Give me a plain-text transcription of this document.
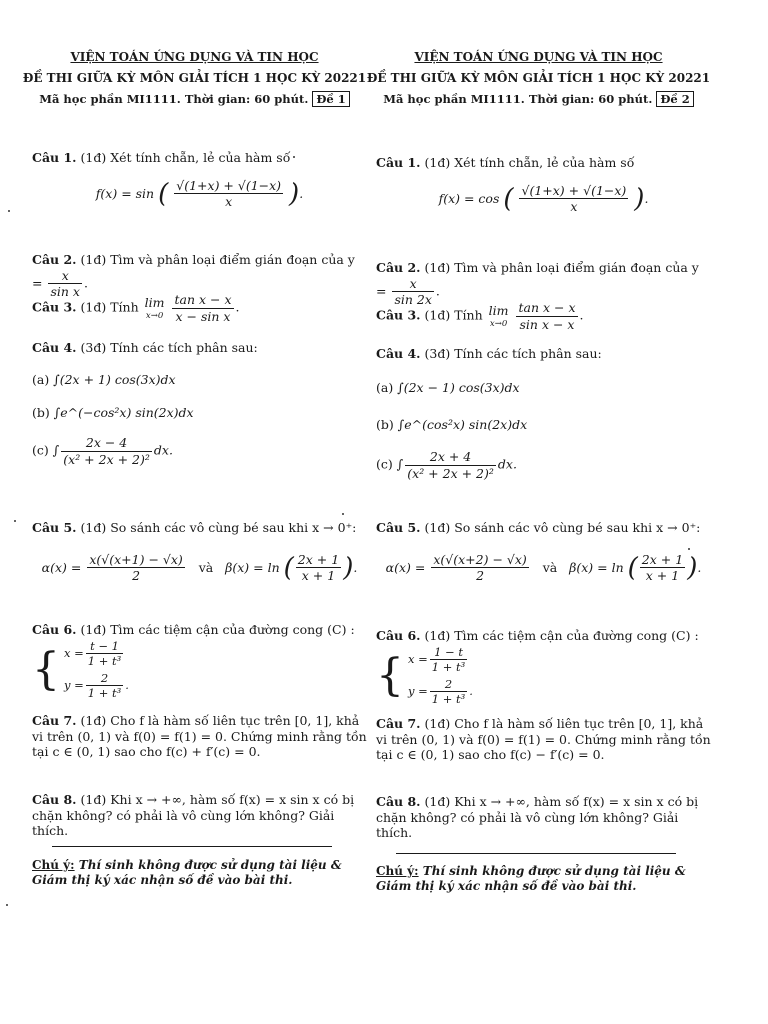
VIỆN TOÁN ỨNG DỤNG VÀ TIN HỌC
ĐỀ THI GIỮA KỲ MÔN GIẢI TÍCH 1 HỌC KỲ 20221
Mã học phần MI1111. Thời gian: 60 phút. Đề 1
Câu 1. (1đ) Xét tính chẵn, lẻ của hàm số
f(x) = sin ( $\frac{√(1+x) + √(1-x)}{x}$ ).
Câu 2. (1đ) Tìm và phân loại điểm gián đoạn của $y = \frac{x}{\text{sin x}}$ .
Câu 3. (1đ) Tính lim
x→0
$\frac{\text{tan x − x}}{\text{x − sin x}}$ .
Câu 4. (3đ) Tính các tích phân sau:
(a) ∫(2x + 1) cos(3x)dx
(b) ∫e^(−cos²x) sin(2x)dx
(c) ∫ $\frac{2x - 4}{\text{(x² + 2x + 2)²}}$ dx.
Câu 5. (1đ) So sánh các vô cùng bé sau khi x → 0⁺:
$\alpha(x) = \frac{x(√(x+1) - √x)}{2}$ và β(x) = ln ( $\frac{2x + 1}{x + 1}$ ).
Câu 6. (1đ) Tìm các tiệm cận của đường cong (C) : { $x = \frac{t - 1}{\text{1 + t³}}$
$y = \frac{2}{\text{1 + t³}}$ .
Câu 7. (1đ) Cho f là hàm số liên tục trên [0, 1], khả vi trên (0, 1) và f(0) = f(1) = 0. Chứng minh rằng tồn tại c ∈ (0, 1) sao cho f(c) + f′(c) = 0.
Câu 8. (1đ) Khi x → +∞, hàm số f(x) = x sin x có bị chặn không? có phải là vô cùng lớn không? Giải thích.
Chú ý: Thí sinh không được sử dụng tài liệu & Giám thị ký xác nhận số đề vào bài thi.
VIỆN TOÁN ỨNG DỤNG VÀ TIN HỌC
ĐỀ THI GIỮA KỲ MÔN GIẢI TÍCH 1 HỌC KỲ 20221
Mã học phần MI1111. Thời gian: 60 phút. Đề 2
Câu 1. (1đ) Xét tính chẵn, lẻ của hàm số
f(x) = cos ( $\frac{√(1+x) + √(1-x)}{x}$ ).
Câu 2. (1đ) Tìm và phân loại điểm gián đoạn của $y = \frac{x}{\sin 2x}$ .
Câu 3. (1đ) Tính lim
x→0
$\frac{\text{tan x − x}}{\text{sin x − x}}$ .
Câu 4. (3đ) Tính các tích phân sau:
(a) ∫(2x − 1) cos(3x)dx
(b) ∫e^(cos²x) sin(2x)dx
(c) ∫ $\frac{2x + 4}{\text{(x² + 2x + 2)²}}$ dx.
Câu 5. (1đ) So sánh các vô cùng bé sau khi x → 0⁺:
$\alpha(x) = \frac{x(√(x+2) - √x)}{2}$ và β(x) = ln ( $\frac{2x + 1}{x + 1}$ ).
Câu 6. (1đ) Tìm các tiệm cận của đường cong (C) : { $x = \frac{1 - t}{\text{1 + t³}}$
$y = \frac{2}{\text{1 + t³}}$ .
Câu 7. (1đ) Cho f là hàm số liên tục trên [0, 1], khả vi trên (0, 1) và f(0) = f(1) = 0. Chứng minh rằng tồn tại c ∈ (0, 1) sao cho f(c) − f′(c) = 0.
Câu 8. (1đ) Khi x → +∞, hàm số f(x) = x sin x có bị chặn không? có phải là vô cùng lớn không? Giải thích.
Chú ý: Thí sinh không được sử dụng tài liệu & Giám thị ký xác nhận số đề vào bài thi.
